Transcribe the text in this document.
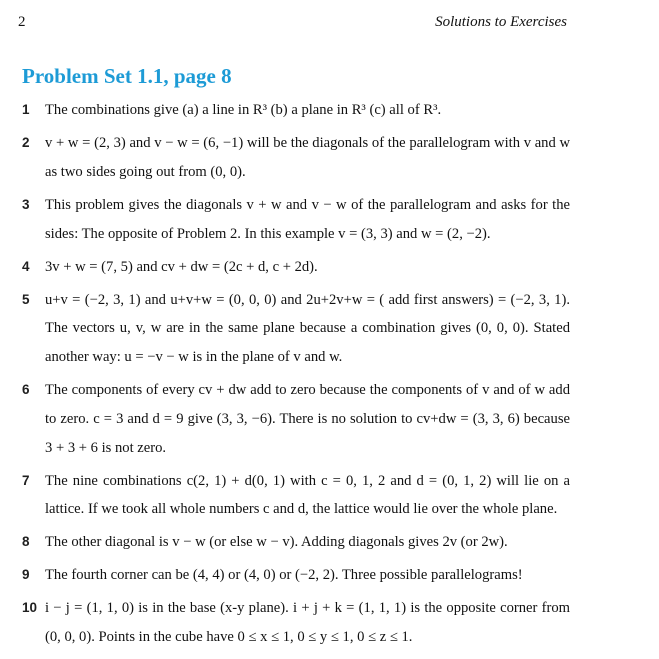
2	Solutions to Exercises
Problem Set 1.1, page 8
1 The combinations give (a) a line in R³ (b) a plane in R³ (c) all of R³.
2 v + w = (2, 3) and v − w = (6, −1) will be the diagonals of the parallelogram with v and w as two sides going out from (0, 0).
3 This problem gives the diagonals v + w and v − w of the parallelogram and asks for the sides: The opposite of Problem 2. In this example v = (3, 3) and w = (2, −2).
4 3v + w = (7, 5) and cv + dw = (2c + d, c + 2d).
5 u+v = (−2, 3, 1) and u+v+w = (0, 0, 0) and 2u+2v+w = ( add first answers) = (−2, 3, 1). The vectors u, v, w are in the same plane because a combination gives (0, 0, 0). Stated another way: u = −v − w is in the plane of v and w.
6 The components of every cv + dw add to zero because the components of v and of w add to zero. c = 3 and d = 9 give (3, 3, −6). There is no solution to cv+dw = (3, 3, 6) because 3 + 3 + 6 is not zero.
7 The nine combinations c(2, 1) + d(0, 1) with c = 0, 1, 2 and d = (0, 1, 2) will lie on a lattice. If we took all whole numbers c and d, the lattice would lie over the whole plane.
8 The other diagonal is v − w (or else w − v). Adding diagonals gives 2v (or 2w).
9 The fourth corner can be (4, 4) or (4, 0) or (−2, 2). Three possible parallelograms!
10 i − j = (1, 1, 0) is in the base (x-y plane). i + j + k = (1, 1, 1) is the opposite corner from (0, 0, 0). Points in the cube have 0 ≤ x ≤ 1, 0 ≤ y ≤ 1, 0 ≤ z ≤ 1.
